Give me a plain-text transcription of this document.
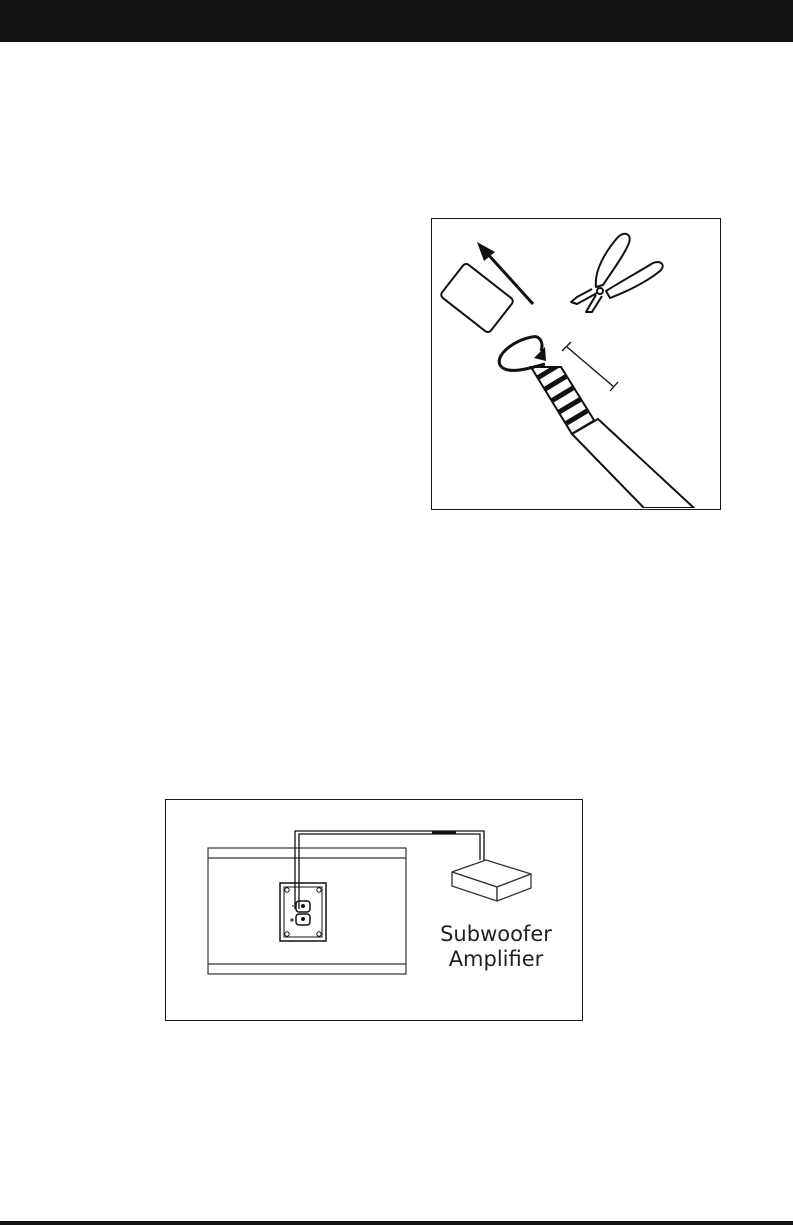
Subwoofer
Amplifier
